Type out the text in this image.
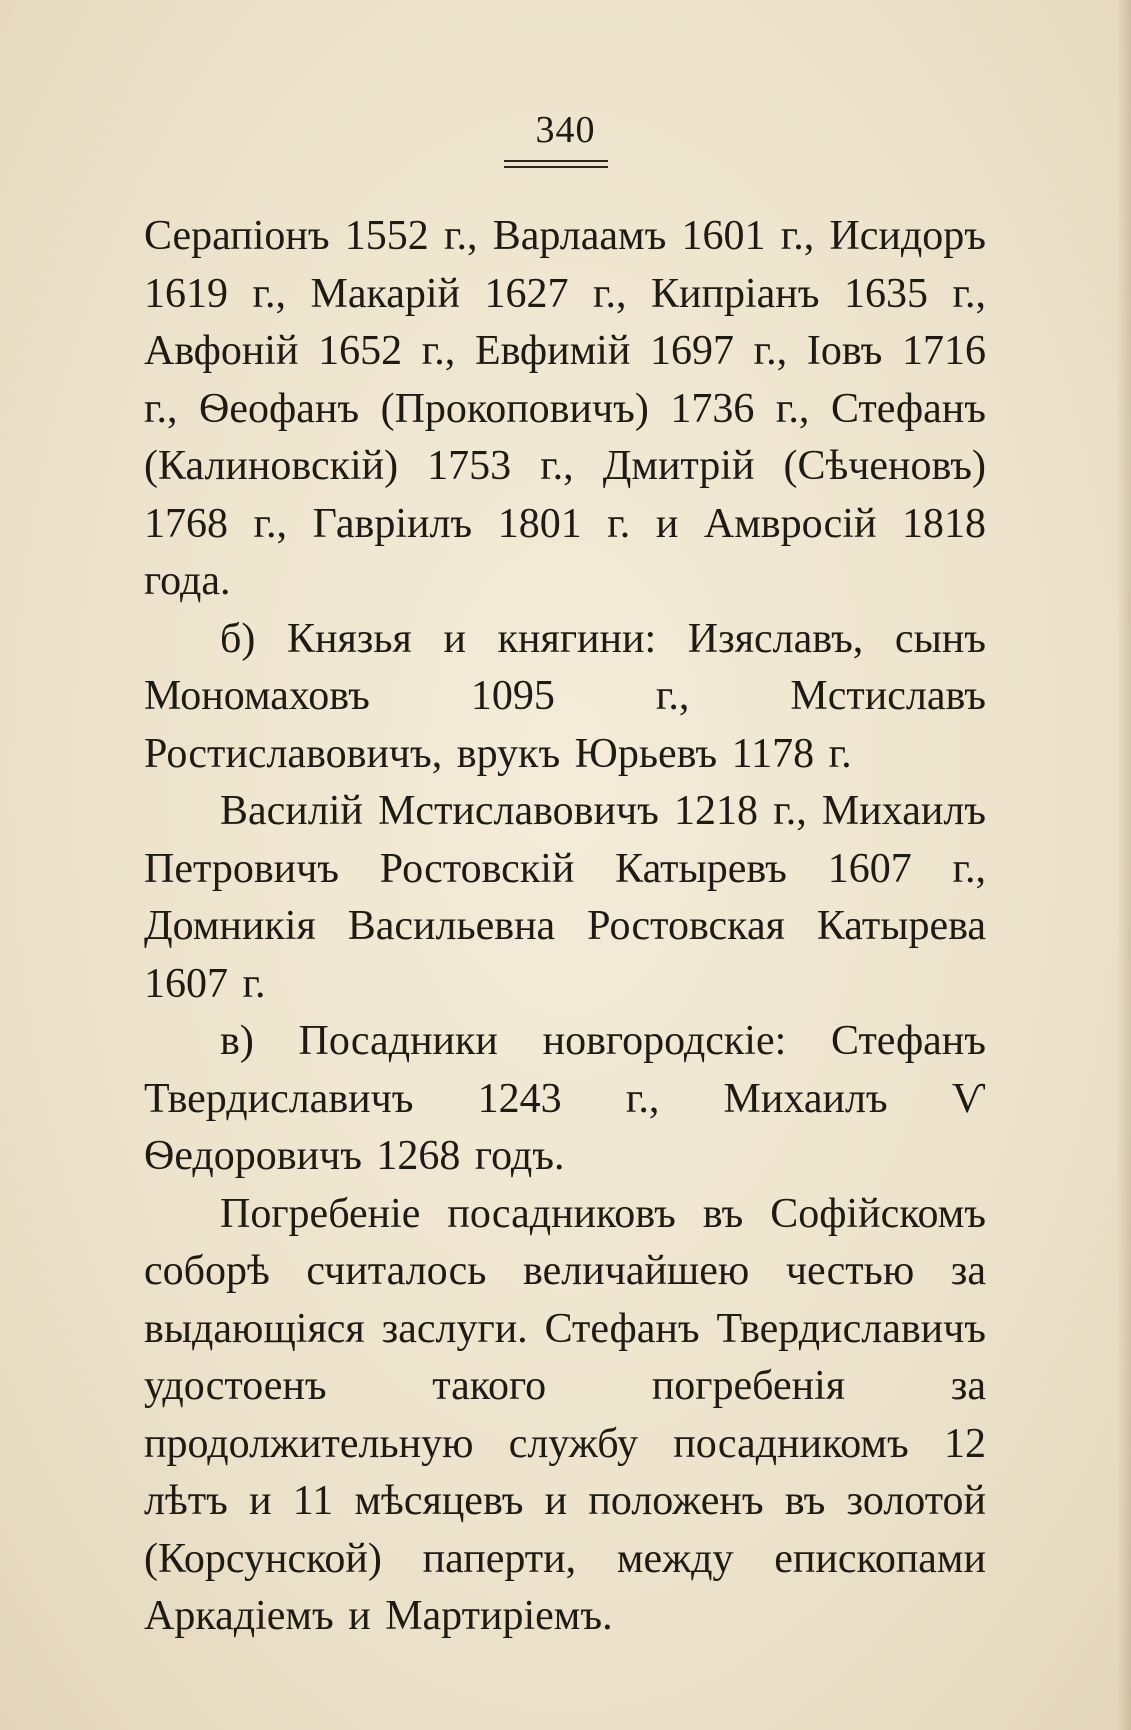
340

Серапіонъ 1552 г., Варлаамъ 1601 г., Исидоръ 1619 г., Макарій 1627 г., Кипріанъ 1635 г., Авфоній 1652 г., Евфимій 1697 г., Іовъ 1716 г., Ѳеофанъ (Прокоповичъ) 1736 г., Стефанъ (Калиновскій) 1753 г., Дмитрій (Сѣченовъ) 1768 г., Гавріилъ 1801 г. и Амвросій 1818 года.

б) Князья и княгини: Изяславъ, сынъ Мономаховъ 1095 г., Мстиславъ Ростиславовичъ, врукъ Юрьевъ 1178 г.

Василій Мстиславовичъ 1218 г., Михаилъ Петровичъ Ростовскій Катыревъ 1607 г., Домникія Васильевна Ростовская Катырева 1607 г.

в) Посадники новгородскіе: Стефанъ Твердиславичъ 1243 г., Михаилъ Ѵ Ѳедоровичъ 1268 годъ.

Погребеніе посадниковъ въ Софійскомъ соборѣ считалось величайшею честью за выдающіяся заслуги. Стефанъ Твердиславичъ удостоенъ такого погребенія за продолжительную службу посадникомъ 12 лѣтъ и 11 мѣсяцевъ и положенъ въ золотой (Корсунской) паперти, между епископами Аркадіемъ и Мартиріемъ.
